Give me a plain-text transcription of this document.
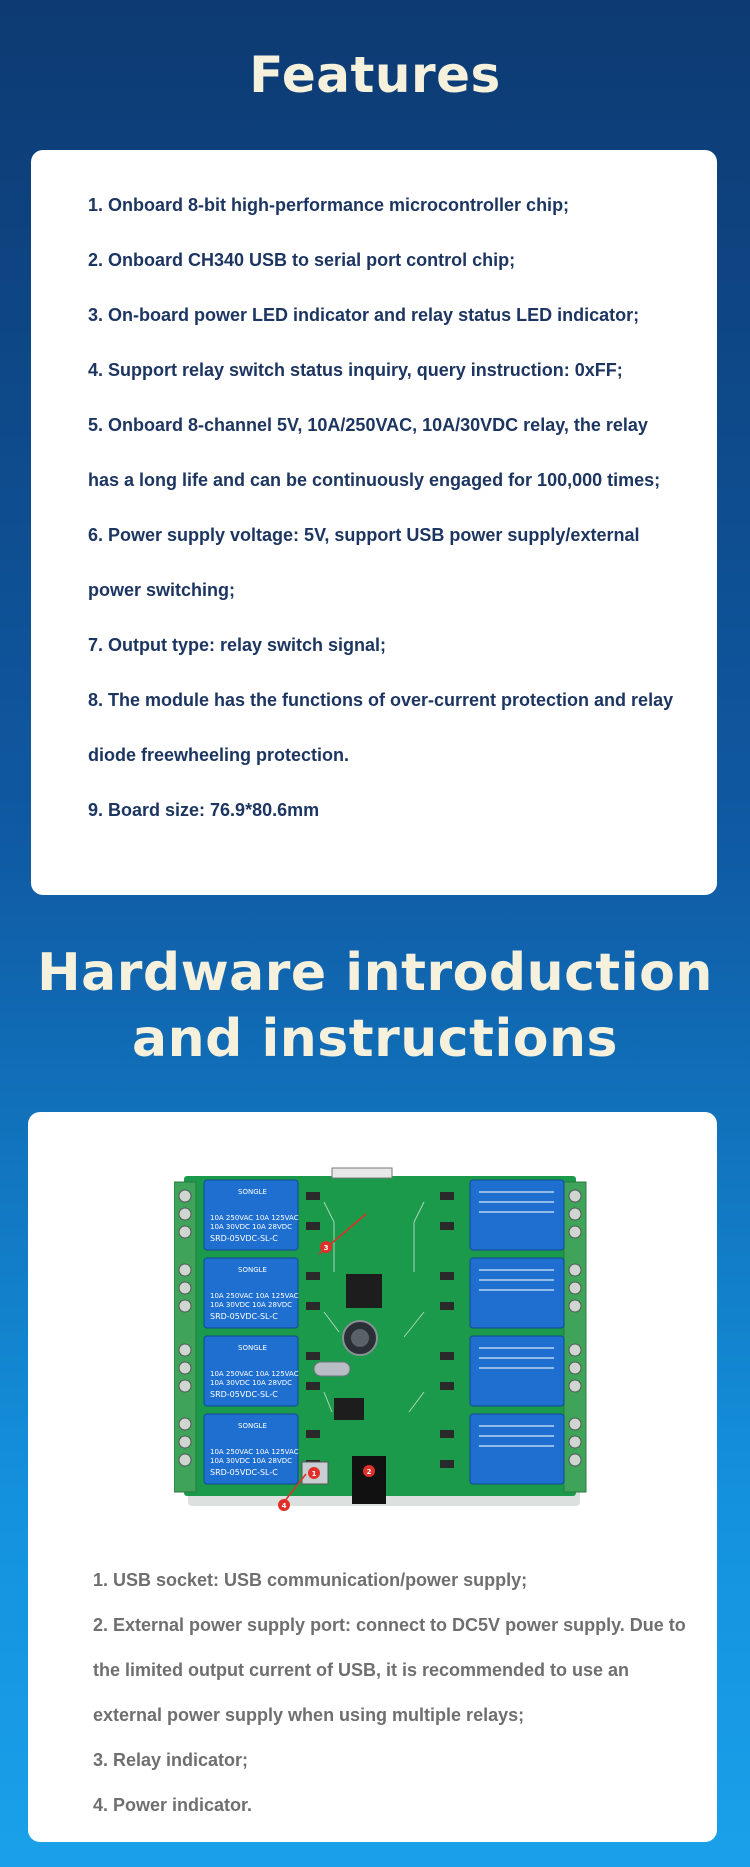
Features
1. Onboard 8-bit high-performance microcontroller chip;
2. Onboard CH340 USB to serial port control chip;
3. On-board power LED indicator and relay status LED indicator;
4. Support relay switch status inquiry, query instruction: 0xFF;
5. Onboard 8-channel 5V, 10A/250VAC, 10A/30VDC relay, the relay
has a long life and can be continuously engaged for 100,000 times;
6. Power supply voltage: 5V, support USB power supply/external
power switching;
7. Output type: relay switch signal;
8. The module has the functions of over-current protection and relay
diode freewheeling protection.
9. Board size: 76.9*80.6mm
Hardware introduction
and instructions
SONGLE
10A 250VAC 10A 125VAC
10A 30VDC 10A 28VDC
SRD-05VDC-SL-C
SONGLE
10A 250VAC 10A 125VAC
10A 30VDC 10A 28VDC
SRD-05VDC-SL-C
SONGLE
10A 250VAC 10A 125VAC
10A 30VDC 10A 28VDC
SRD-05VDC-SL-C
SONGLE
10A 250VAC 10A 125VAC
10A 30VDC 10A 28VDC
SRD-05VDC-SL-C	1	2
3
4
1. USB socket: USB communication/power supply;
2. External power supply port: connect to DC5V power supply. Due to
the limited output current of USB, it is recommended to use an
external power supply when using multiple relays;
3. Relay indicator;
4. Power indicator.
